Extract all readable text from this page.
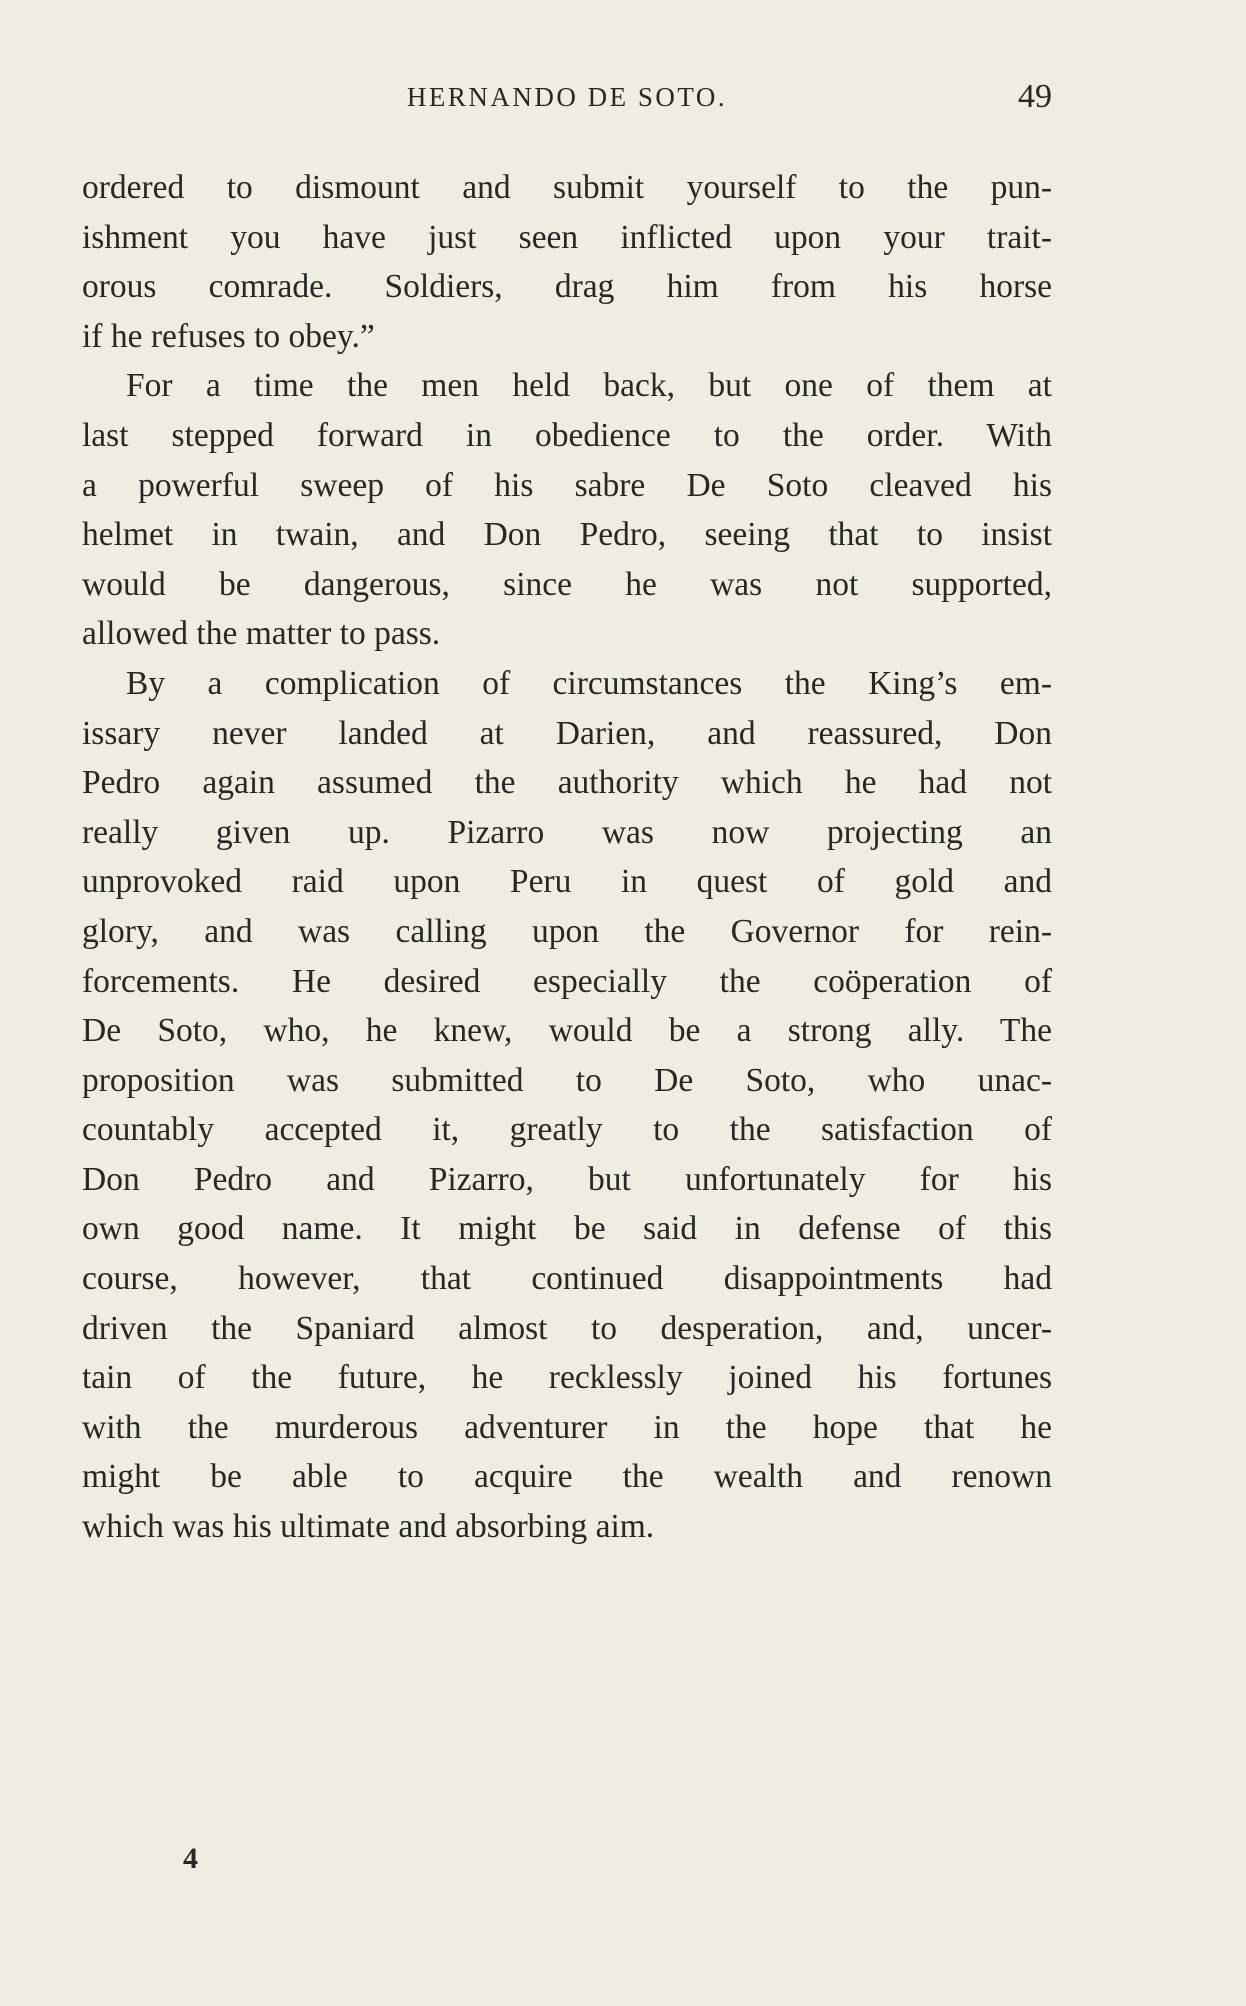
HERNANDO DE SOTO.	49
ordered to dismount and submit yourself to the pun-
ishment you have just seen inflicted upon your trait-
orous comrade. Soldiers, drag him from his horse
if he refuses to obey.”
For a time the men held back, but one of them at
last stepped forward in obedience to the order. With
a powerful sweep of his sabre De Soto cleaved his
helmet in twain, and Don Pedro, seeing that to insist
would be dangerous, since he was not supported,
allowed the matter to pass.
By a complication of circumstances the King’s em-
issary never landed at Darien, and reassured, Don
Pedro again assumed the authority which he had not
really given up. Pizarro was now projecting an
unprovoked raid upon Peru in quest of gold and
glory, and was calling upon the Governor for rein-
forcements. He desired especially the coöperation of
De Soto, who, he knew, would be a strong ally. The
proposition was submitted to De Soto, who unac-
countably accepted it, greatly to the satisfaction of
Don Pedro and Pizarro, but unfortunately for his
own good name. It might be said in defense of this
course, however, that continued disappointments had
driven the Spaniard almost to desperation, and, uncer-
tain of the future, he recklessly joined his fortunes
with the murderous adventurer in the hope that he
might be able to acquire the wealth and renown
which was his ultimate and absorbing aim.
4
